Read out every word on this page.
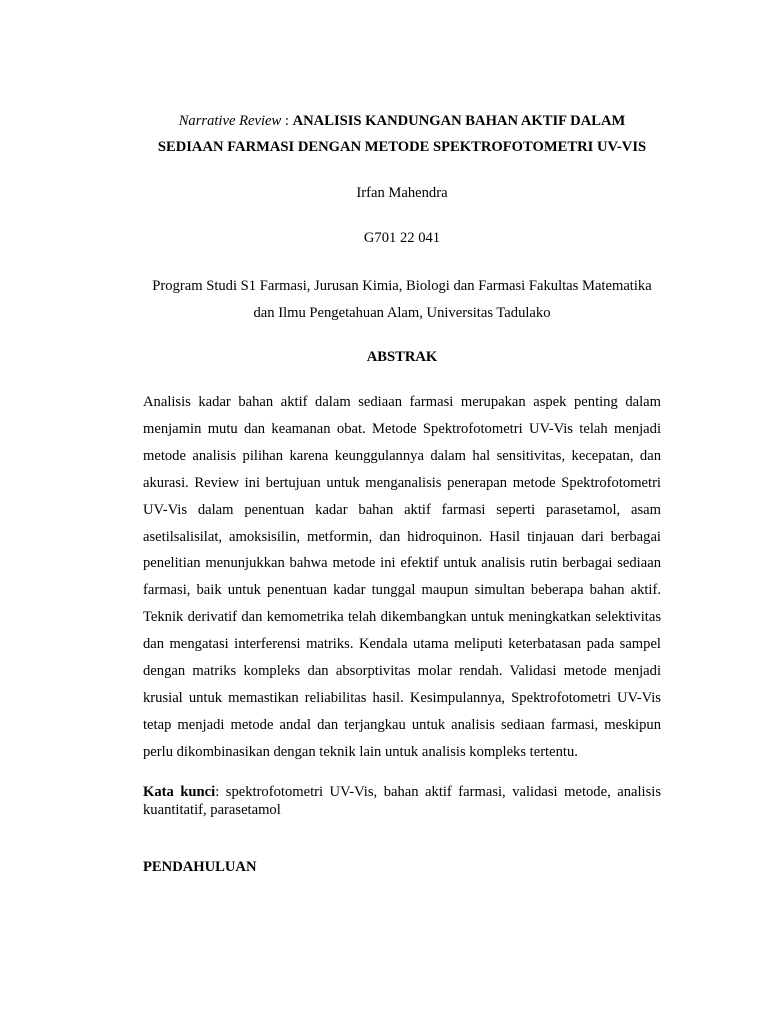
Narrative Review : ANALISIS KANDUNGAN BAHAN AKTIF DALAM

SEDIAAN FARMASI DENGAN METODE SPEKTROFOTOMETRI UV-VIS

Irfan Mahendra
G701 22 041
Program Studi S1 Farmasi, Jurusan Kimia, Biologi dan Farmasi Fakultas Matematika
dan Ilmu Pengetahuan Alam, Universitas Tadulako
ABSTRAK
Analisis kadar bahan aktif dalam sediaan farmasi merupakan aspek penting dalam menjamin mutu dan keamanan obat. Metode Spektrofotometri UV-Vis telah menjadi metode analisis pilihan karena keunggulannya dalam hal sensitivitas, kecepatan, dan akurasi. Review ini bertujuan untuk menganalisis penerapan metode Spektrofotometri UV-Vis dalam penentuan kadar bahan aktif farmasi seperti parasetamol, asam asetilsalisilat, amoksisilin, metformin, dan hidroquinon. Hasil tinjauan dari berbagai penelitian menunjukkan bahwa metode ini efektif untuk analisis rutin berbagai sediaan farmasi, baik untuk penentuan kadar tunggal maupun simultan beberapa bahan aktif. Teknik derivatif dan kemometrika telah dikembangkan untuk meningkatkan selektivitas dan mengatasi interferensi matriks. Kendala utama meliputi keterbatasan pada sampel dengan matriks kompleks dan absorptivitas molar rendah. Validasi metode menjadi krusial untuk memastikan reliabilitas hasil. Kesimpulannya, Spektrofotometri UV-Vis tetap menjadi metode andal dan terjangkau untuk analisis sediaan farmasi, meskipun perlu dikombinasikan dengan teknik lain untuk analisis kompleks tertentu.
Kata kunci: spektrofotometri UV-Vis, bahan aktif farmasi, validasi metode, analisis kuantitatif, parasetamol
PENDAHULUAN
